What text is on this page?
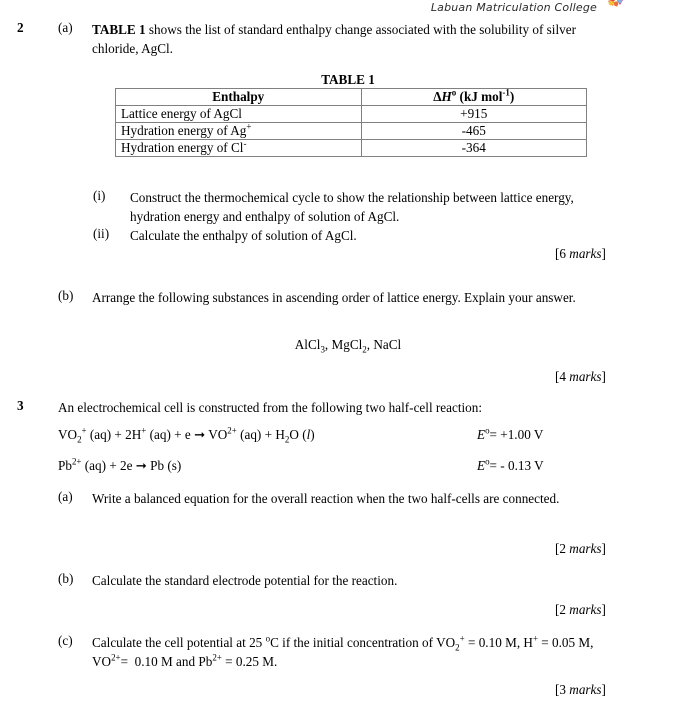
Labuan Matriculation College
2	(a) TABLE 1 shows the list of standard enthalpy change associated with the solubility of silver chloride, AgCl.
TABLE 1
Enthalpy	$\Delta H^o$ (kJ mol$^{-1}$)
Lattice energy of AgCl	+915
Hydration energy of Ag+	-465
Hydration energy of Cl-	-364
(i) Construct the thermochemical cycle to show the relationship between lattice energy, hydration energy and enthalpy of solution of AgCl.
(ii) Calculate the enthalpy of solution of AgCl.
[6 marks]
(b) Arrange the following substances in ascending order of lattice energy. Explain your answer.
AlCl$_3$, MgCl$_2$, NaCl
[4 marks]
3	An electrochemical cell is constructed from the following two half-cell reaction:
$VO_2^+$ (aq) + 2H+ (aq) + e ➞ $VO^{2+}$ $(aq) + H_2O$ (l)	$E^o= +1.00$ V
$Pb^{2+}$ (aq) + 2e ➞ Pb (s)	$E^o= - 0.13$ V
(a) Write a balanced equation for the overall reaction when the two half-cells are connected.
[2 marks]
(b) Calculate the standard electrode potential for the reaction.
[2 marks]
(c) Calculate the cell potential at 25 $^o$C if the initial concentration of $VO_2^+ = 0.10$ M, H+ = 0.05 M, $VO^{2+}= 0.10$ M and $Pb^{2+} = 0.25$ M.
[3 marks]
